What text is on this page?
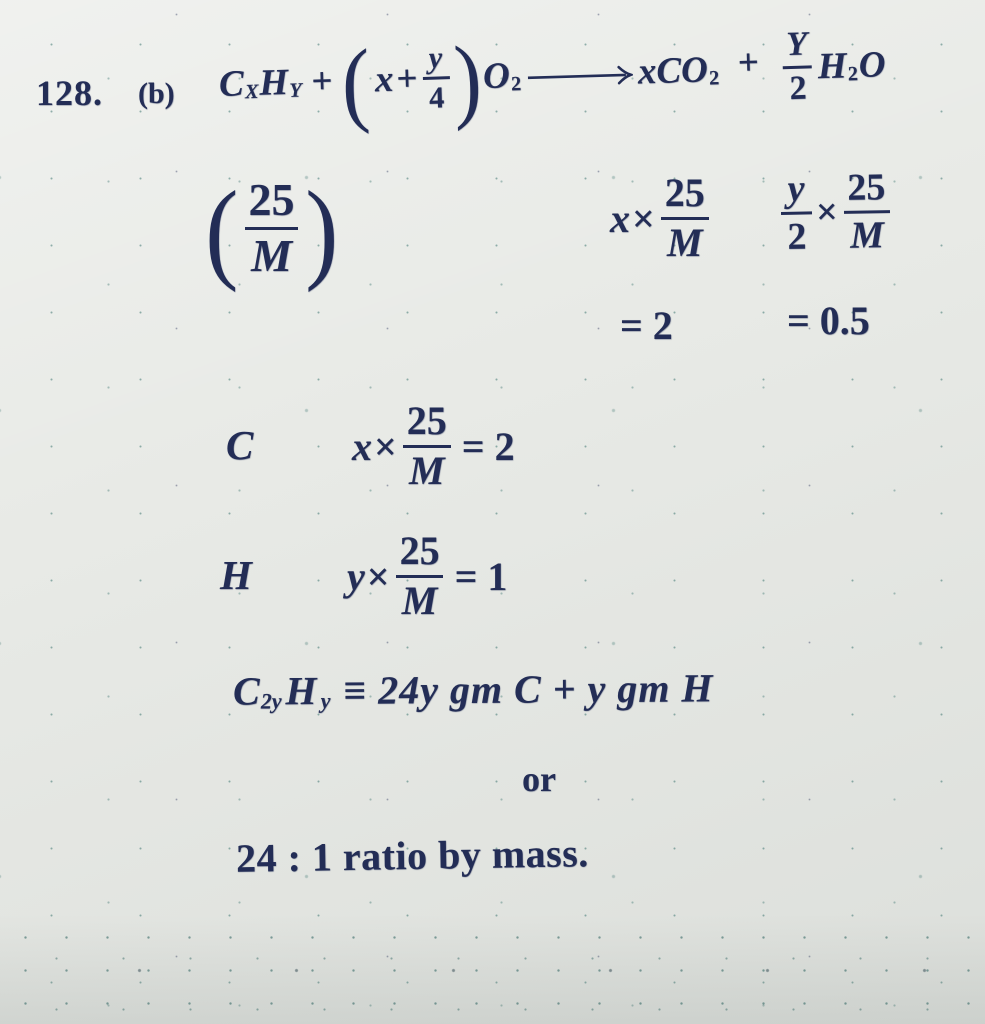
128. (b) C X H Y + ( $x + \frac{y}{4}$ ) O 2	x
CO $2 + \frac{Y}{2}$ H 2 O
( $\frac{25}{M}$ )	$x \times \frac{25}{M} \frac{y}{2} \times \frac{25}{M}$
= 2	= 0.5
C $x \times \frac{25}{M} = 2$
H $y \times \frac{25}{M} = 1$
C 2y H y ≡ 24y gm C + y gm H
or
24 : 1 ratio by mass.
